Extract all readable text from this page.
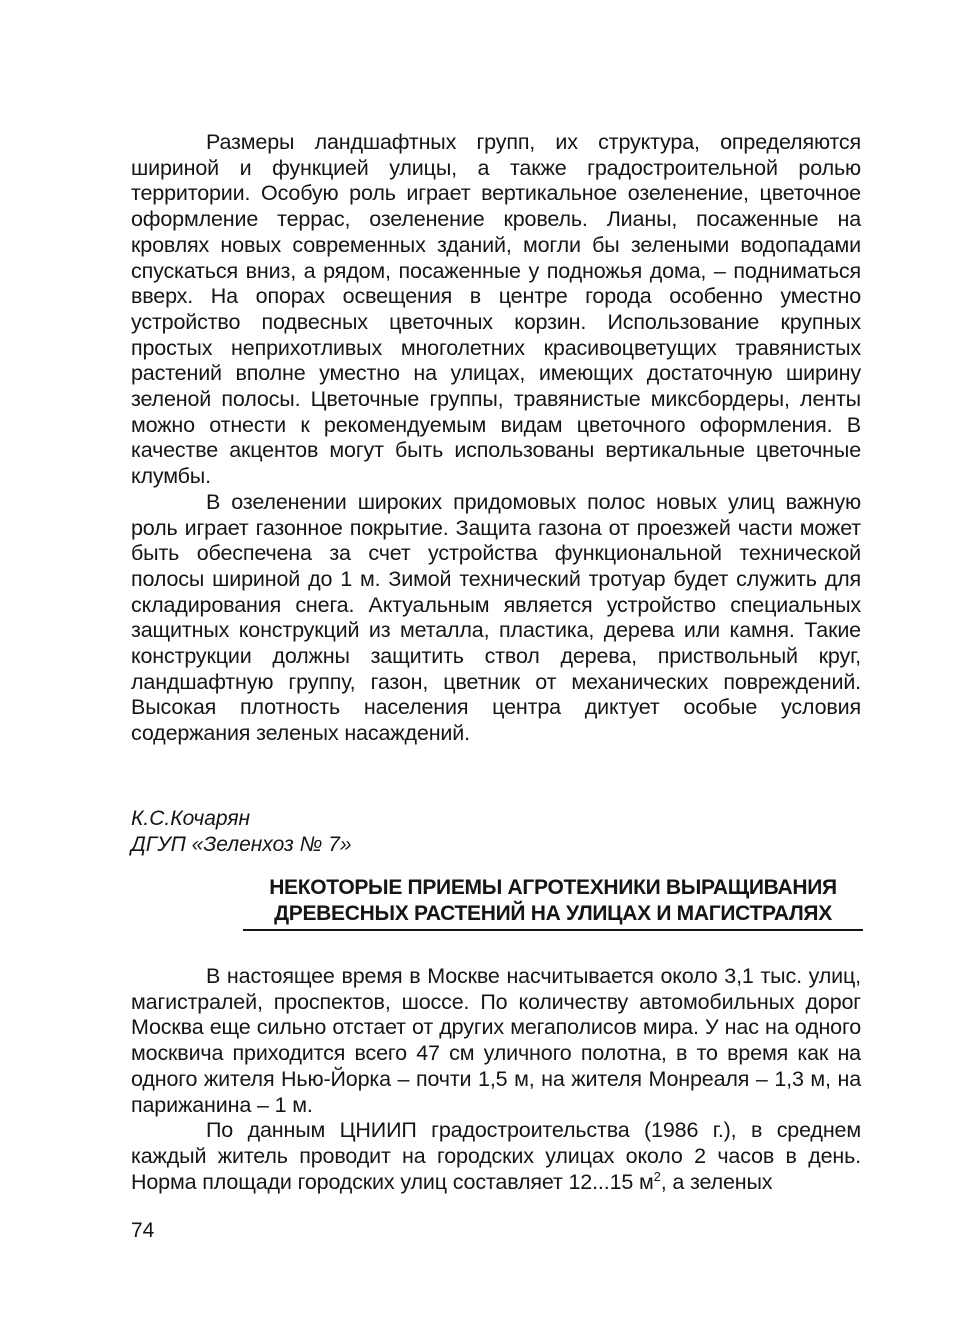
Размеры ландшафтных групп, их структура, определяются шириной и функцией улицы, а также градостроительной ролью территории. Особую роль играет вертикальное озеленение, цветочное оформление террас, озеленение кровель. Лианы, посаженные на кровлях новых современных зданий, могли бы зелеными водопадами спускаться вниз, а рядом, посаженные у подножья дома, – подниматься вверх. На опорах освещения в центре города особенно уместно устройство подвесных цветочных корзин. Использование крупных простых неприхотливых многолетних красивоцветущих травянистых растений вполне уместно на улицах, имеющих достаточную ширину зеленой полосы. Цветочные группы, травянистые миксбордеры, ленты можно отнести к рекомендуемым видам цветочного оформления. В качестве акцентов могут быть использованы вертикальные цветочные клумбы.

В озеленении широких придомовых полос новых улиц важную роль играет газонное покрытие. Защита газона от проезжей части может быть обеспечена за счет устройства функциональной технической полосы шириной до 1 м. Зимой технический тротуар будет служить для складирования снега. Актуальным является устройство специальных защитных конструкций из металла, пластика, дерева или камня. Такие конструкции должны защитить ствол дерева, приствольный круг, ландшафтную группу, газон, цветник от механических повреждений. Высокая плотность населения центра диктует особые условия содержания зеленых насаждений.

К.С.Кочарян
ДГУП «Зеленхоз № 7»
НЕКОТОРЫЕ ПРИЕМЫ АГРОТЕХНИКИ ВЫРАЩИВАНИЯ
ДРЕВЕСНЫХ РАСТЕНИЙ НА УЛИЦАХ И МАГИСТРАЛЯХ

В настоящее время в Москве насчитывается около 3,1 тыс. улиц, магистралей, проспектов, шоссе. По количеству автомобильных дорог Москва еще сильно отстает от других мегаполисов мира. У нас на одного москвича приходится всего 47 см уличного полотна, в то время как на одного жителя Нью-Йорка – почти 1,5 м, на жителя Монреаля – 1,3 м, на парижанина – 1 м.

По данным ЦНИИП градостроительства (1986 г.), в среднем каждый житель проводит на городских улицах около 2 часов в день. Норма площади городских улиц составляет 12...15 $м^2$, а зеленых

74
